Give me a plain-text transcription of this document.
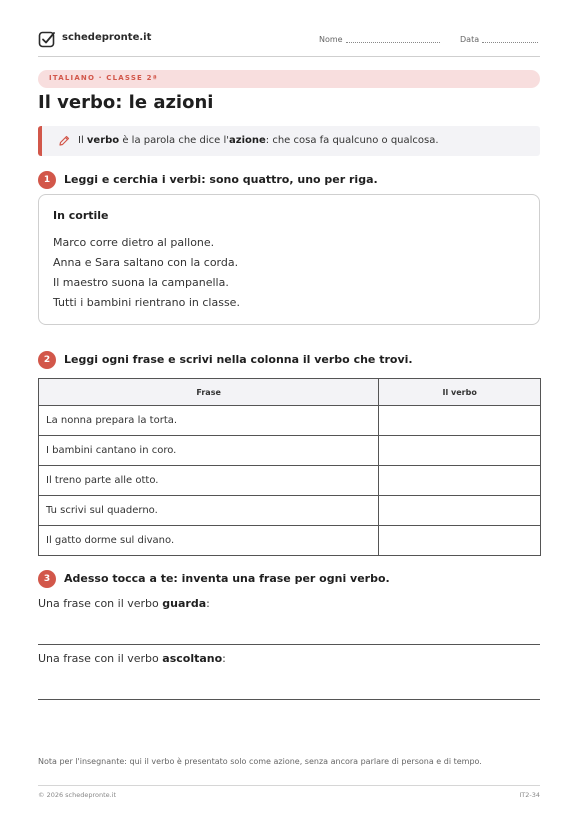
schedepronte.it	Nome	Data
ITALIANO · CLASSE 2ª
Il verbo: le azioni
Il verbo è la parola che dice l'azione: che cosa fa qualcuno o qualcosa.
1	Leggi e cerchia i verbi: sono quattro, uno per riga.
In cortile
Marco corre dietro al pallone.
Anna e Sara saltano con la corda.
Il maestro suona la campanella.
Tutti i bambini rientrano in classe.
2	Leggi ogni frase e scrivi nella colonna il verbo che trovi.
Frase	Il verbo
La nonna prepara la torta.	
I bambini cantano in coro.	
Il treno parte alle otto.	
Tu scrivi sul quaderno.	
Il gatto dorme sul divano.	
3	Adesso tocca a te: inventa una frase per ogni verbo.
Una frase con il verbo guarda:
Una frase con il verbo ascoltano:
Nota per l'insegnante: qui il verbo è presentato solo come azione, senza ancora parlare di persona e di tempo.
© 2026 schedepronte.it	IT2-34
